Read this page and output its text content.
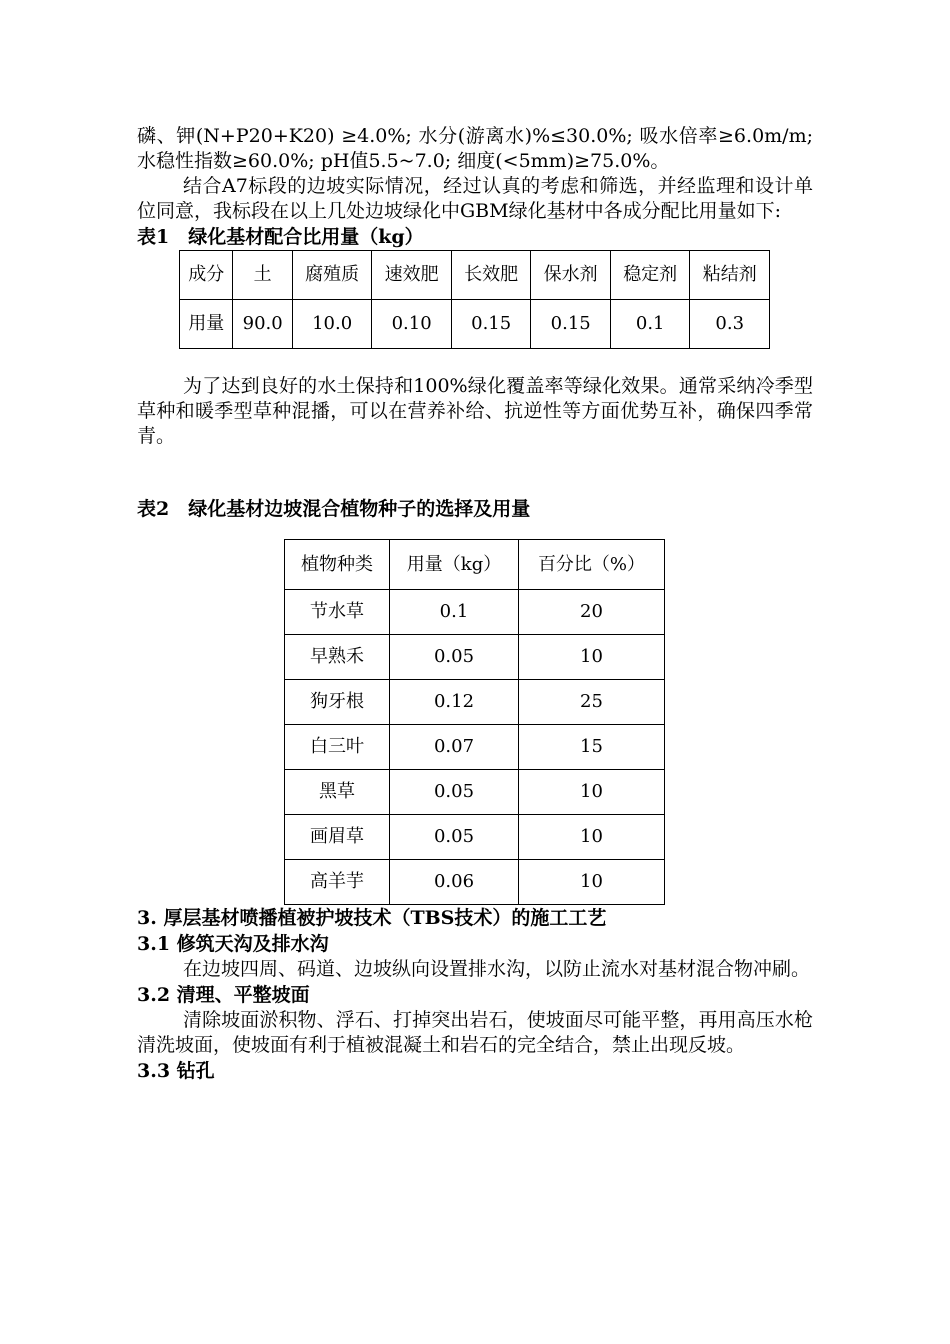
磷、钾(N+P20+K20) ≥4.0%; 水分(游离水)%≤30.0%; 吸水倍率≥6.0m/m; 水稳性指数≥60.0%; pH值5.5~7.0; 细度(<5mm)≥75.0%。

结合A7标段的边坡实际情况，经过认真的考虑和筛选，并经监理和设计单位同意，我标段在以上几处边坡绿化中GBM绿化基材中各成分配比用量如下:

表1　绿化基材配合比用量（kg）

成分	土	腐殖质	速效肥	长效肥	保水剂	稳定剂	粘结剂
用量	90.0	10.0	0.10	0.15	0.15	0.1	0.3

为了达到良好的水土保持和100%绿化覆盖率等绿化效果。通常采纳冷季型草种和暖季型草种混播，可以在营养补给、抗逆性等方面优势互补，确保四季常青。

表2　绿化基材边坡混合植物种子的选择及用量

植物种类	用量（kg）	百分比（%）
节水草	0.1	20
早熟禾	0.05	10
狗牙根	0.12	25
白三叶	0.07	15
黑草	0.05	10
画眉草	0.05	10
高羊芋	0.06	10

3. 厚层基材喷播植被护坡技术（TBS技术）的施工工艺

3.1 修筑天沟及排水沟

在边坡四周、码道、边坡纵向设置排水沟，以防止流水对基材混合物冲刷。

3.2 清理、平整坡面

清除坡面淤积物、浮石、打掉突出岩石，使坡面尽可能平整，再用高压水枪清洗坡面，使坡面有利于植被混凝土和岩石的完全结合，禁止出现反坡。

3.3 钻孔
